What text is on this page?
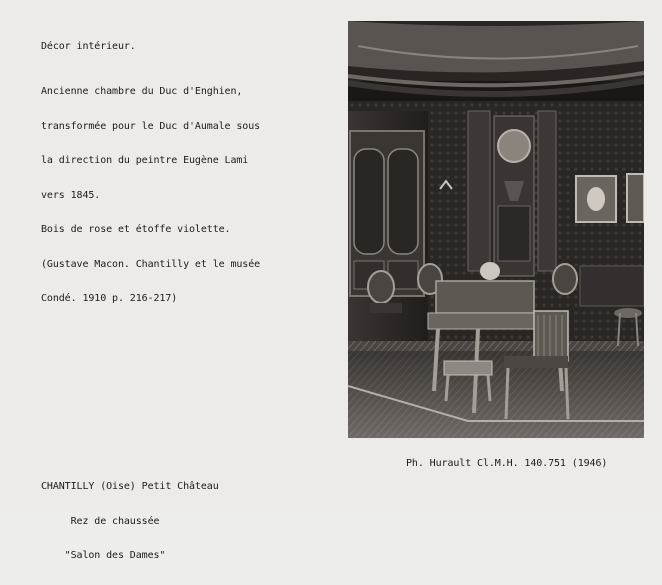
Décor intérieur.

Ancienne chambre du Duc d'Enghien,

transformée pour le Duc d'Aumale sous

la direction du peintre Eugène Lami

vers 1845.

Bois de rose et étoffe violette.

(Gustave Macon. Chantilly et le musée

Condé. 1910 p. 216-217)

CHANTILLY (Oise) Petit Château

Rez de chaussée

"Salon des Dames"

Ph. Hurault Cl.M.H. 140.751 (1946)
